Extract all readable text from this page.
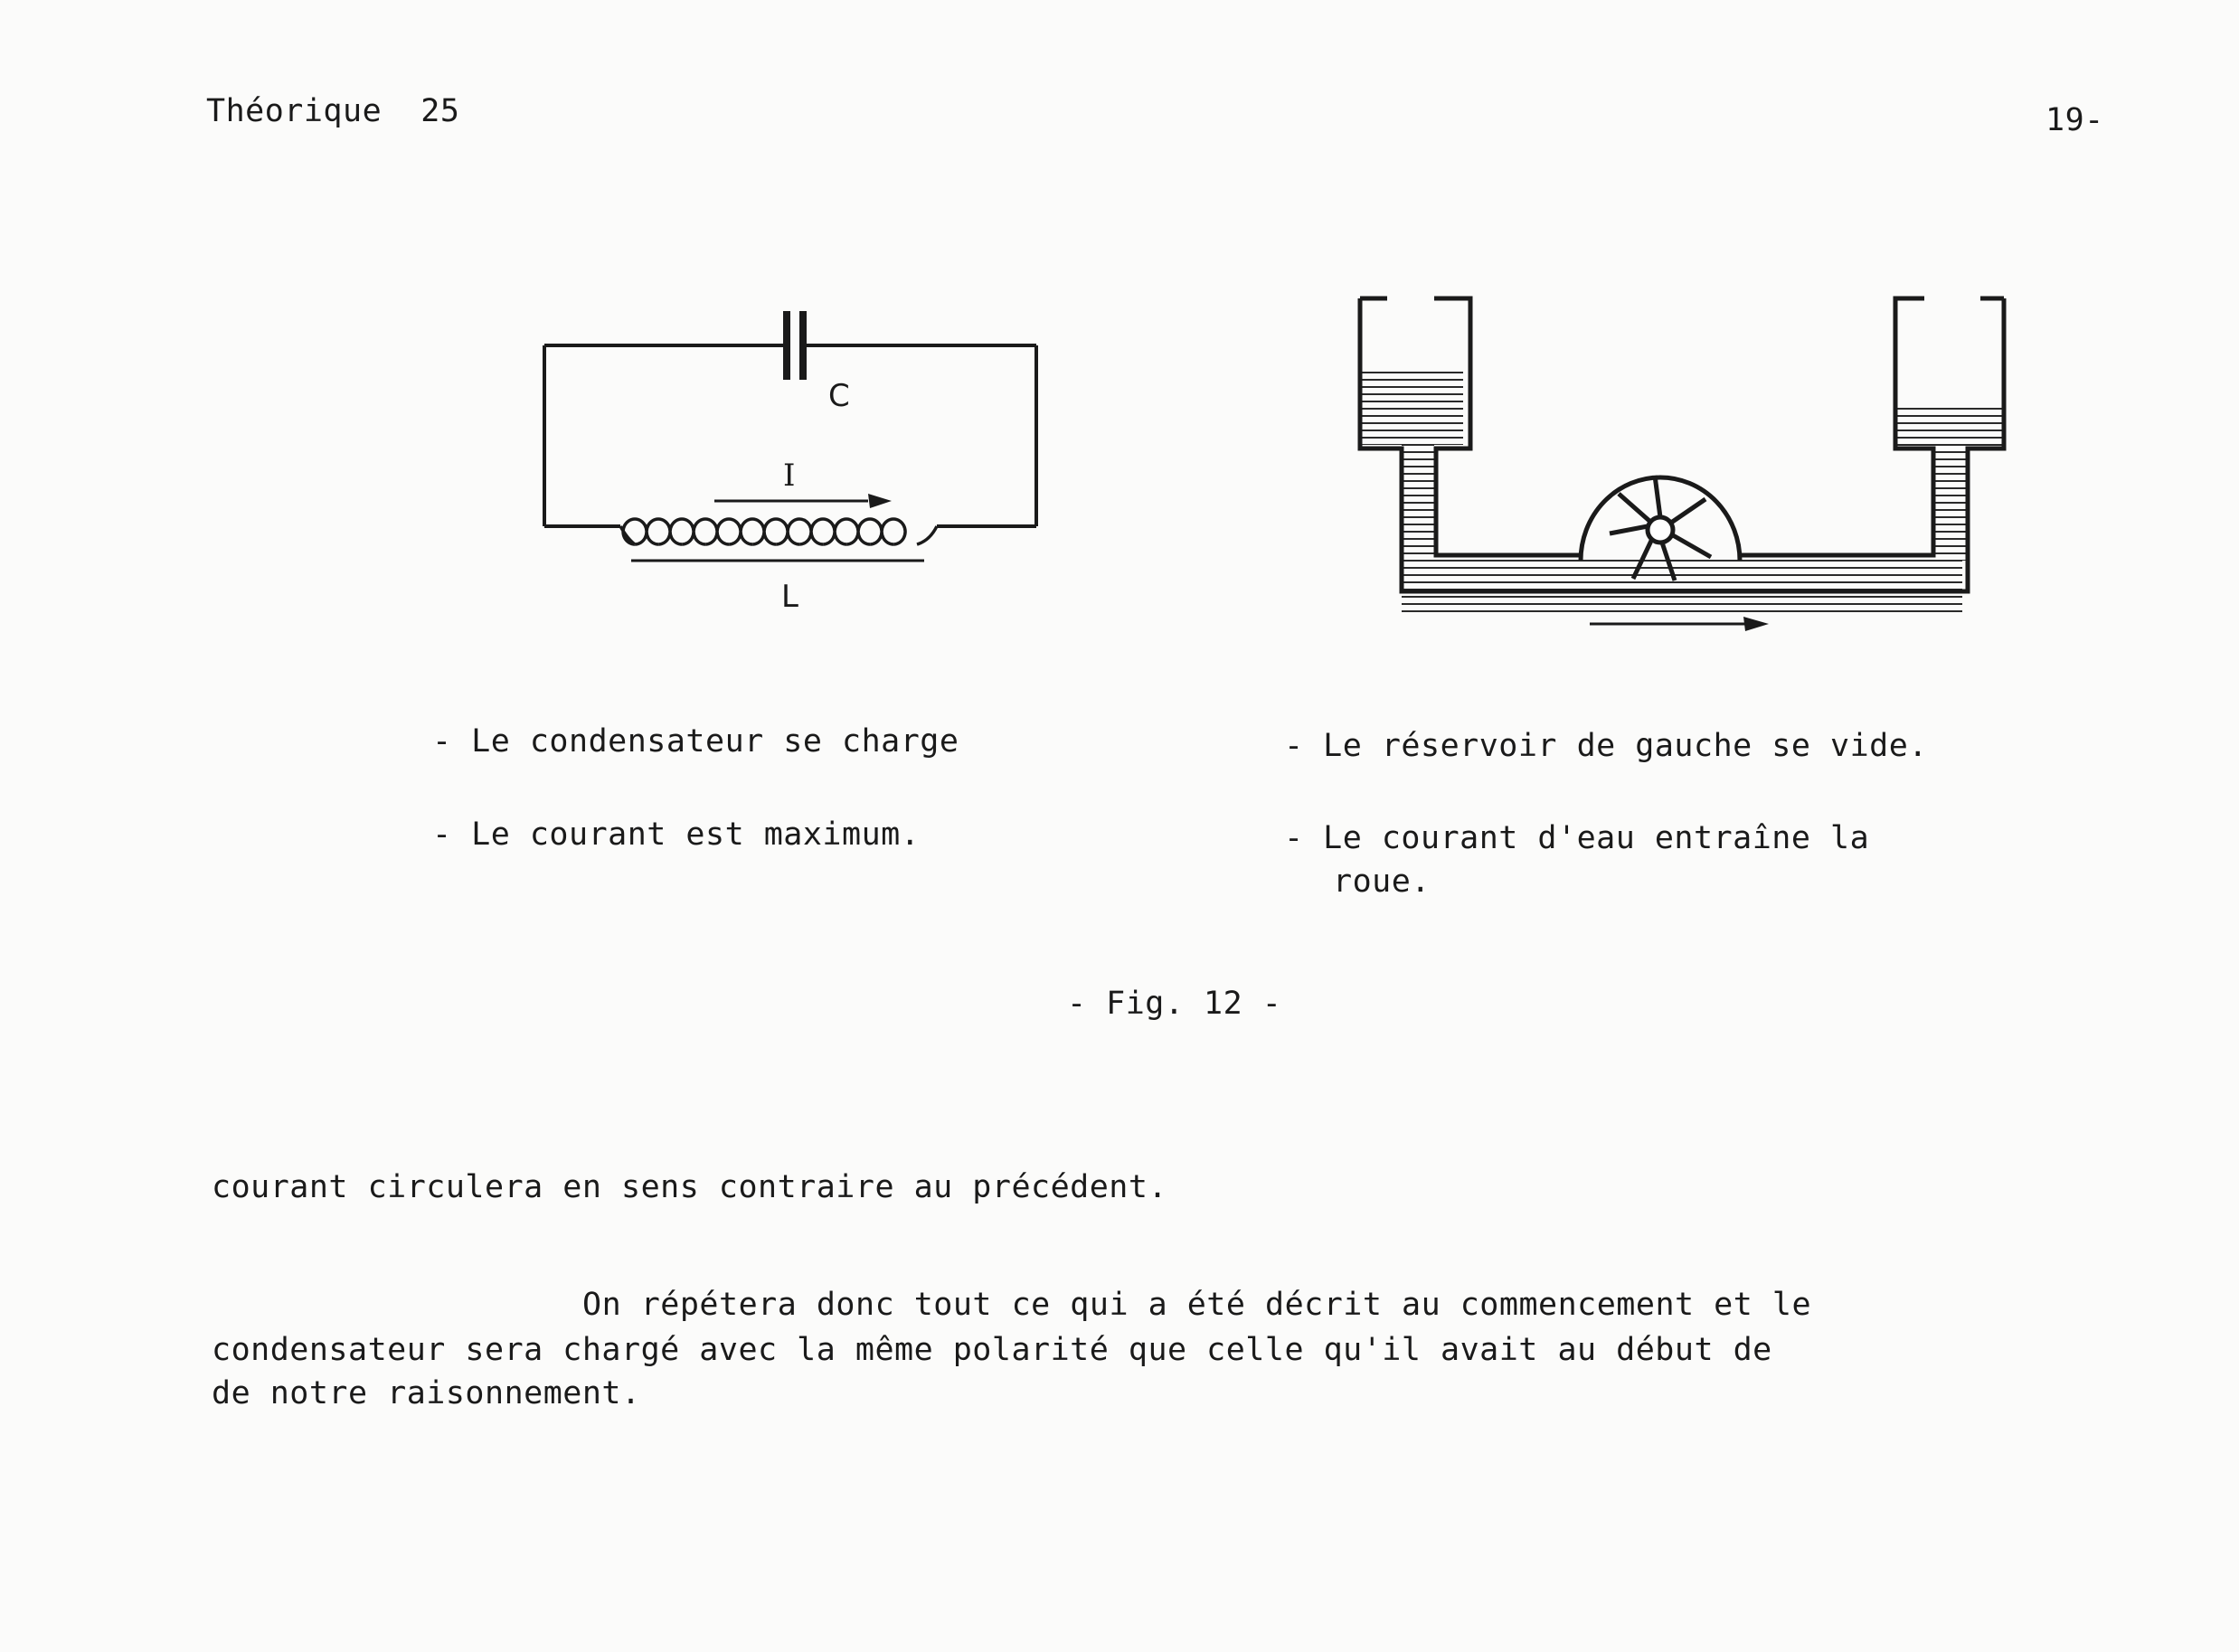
Théorique  25	19-
C
I
L
- Le condensateur se charge
- Le courant est maximum.
- Le réservoir de gauche se vide.
- Le courant d'eau entraîne la
roue.
- Fig. 12 -
courant circulera en sens contraire au précédent.
On répétera donc tout ce qui a été décrit au commencement et le
condensateur sera chargé avec la même polarité que celle qu'il avait au début de
de notre raisonnement.
